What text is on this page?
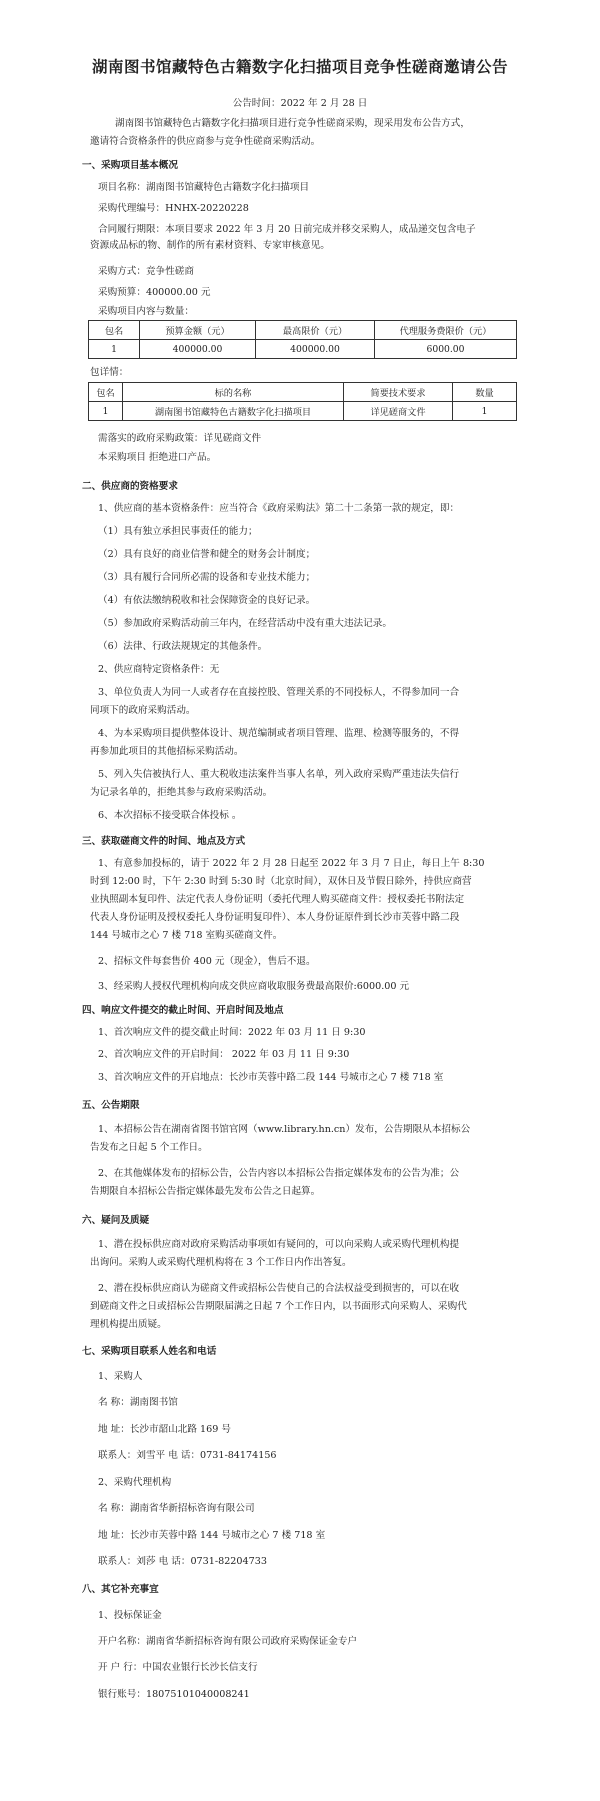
湖南图书馆藏特色古籍数字化扫描项目竞争性磋商邀请公告
公告时间：2022 年 2 月 28 日
湖南图书馆藏特色古籍数字化扫描项目进行竞争性磋商采购，现采用发布公告方式，
邀请符合资格条件的供应商参与竞争性磋商采购活动。
一、采购项目基本概况
项目名称：湖南图书馆藏特色古籍数字化扫描项目
采购代理编号：HNHX-20220228
合同履行期限：本项目要求 2022 年 3 月 20 日前完成并移交采购人，成品递交包含电子
资源成品标的物、制作的所有素材资料、专家审核意见。
采购方式：竞争性磋商
采购预算：400000.00 元
采购项目内容与数量：
包名	预算金额（元）	最高限价（元）	代理服务费限价（元）
1	400000.00	400000.00	6000.00
包详情：
包名	标的名称	简要技术要求	数量
1	湖南图书馆藏特色古籍数字化扫描项目	详见磋商文件	1
需落实的政府采购政策：详见磋商文件
本采购项目 拒绝进口产品。
二、供应商的资格要求
1、供应商的基本资格条件：应当符合《政府采购法》第二十二条第一款的规定，即：
（1）具有独立承担民事责任的能力；
（2）具有良好的商业信誉和健全的财务会计制度；
（3）具有履行合同所必需的设备和专业技术能力；
（4）有依法缴纳税收和社会保障资金的良好记录。
（5）参加政府采购活动前三年内，在经营活动中没有重大违法记录。
（6）法律、行政法规规定的其他条件。
2、供应商特定资格条件：无
3、单位负责人为同一人或者存在直接控股、管理关系的不同投标人，不得参加同一合
同项下的政府采购活动。
4、为本采购项目提供整体设计、规范编制或者项目管理、监理、检测等服务的，不得
再参加此项目的其他招标采购活动。
5、列入失信被执行人、重大税收违法案件当事人名单，列入政府采购严重违法失信行
为记录名单的，拒绝其参与政府采购活动。
6、本次招标不接受联合体投标 。
三、获取磋商文件的时间、地点及方式
1、有意参加投标的，请于 2022 年 2 月 28 日起至 2022 年 3 月 7 日止，每日上午 8:30
时到 12:00 时，下午 2:30 时到 5:30 时（北京时间），双休日及节假日除外，持供应商营
业执照副本复印件、法定代表人身份证明（委托代理人购买磋商文件：授权委托书附法定
代表人身份证明及授权委托人身份证明复印件）、本人身份证原件到长沙市芙蓉中路二段
144 号城市之心 7 楼 718 室购买磋商文件。
2、招标文件每套售价 400 元（现金），售后不退。
3、经采购人授权代理机构向成交供应商收取服务费最高限价:6000.00 元
四、响应文件提交的截止时间、开启时间及地点
1、首次响应文件的提交截止时间：2022 年 03 月 11 日 9:30
2、首次响应文件的开启时间： 2022 年 03 月 11 日 9:30
3、首次响应文件的开启地点：长沙市芙蓉中路二段 144 号城市之心 7 楼 718 室
五、公告期限
1、本招标公告在湖南省图书馆官网（www.library.hn.cn）发布，公告期限从本招标公
告发布之日起 5 个工作日。
2、在其他媒体发布的招标公告，公告内容以本招标公告指定媒体发布的公告为准；公
告期限自本招标公告指定媒体最先发布公告之日起算。
六、疑问及质疑
1、潜在投标供应商对政府采购活动事项如有疑问的，可以向采购人或采购代理机构提
出询问。采购人或采购代理机构将在 3 个工作日内作出答复。
2、潜在投标供应商认为磋商文件或招标公告使自己的合法权益受到损害的，可以在收
到磋商文件之日或招标公告期限届满之日起 7 个工作日内，以书面形式向采购人、采购代
理机构提出质疑。
七、采购项目联系人姓名和电话
1、采购人
名 称：湖南图书馆
地 址：长沙市韶山北路 169 号
联系人：刘雪平 电 话：0731-84174156
2、采购代理机构
名 称：湖南省华新招标咨询有限公司
地 址：长沙市芙蓉中路 144 号城市之心 7 楼 718 室
联系人：刘莎 电 话：0731-82204733
八、其它补充事宜
1、投标保证金
开户名称：湖南省华新招标咨询有限公司政府采购保证金专户
开 户 行：中国农业银行长沙长信支行
银行账号：18075101040008241
